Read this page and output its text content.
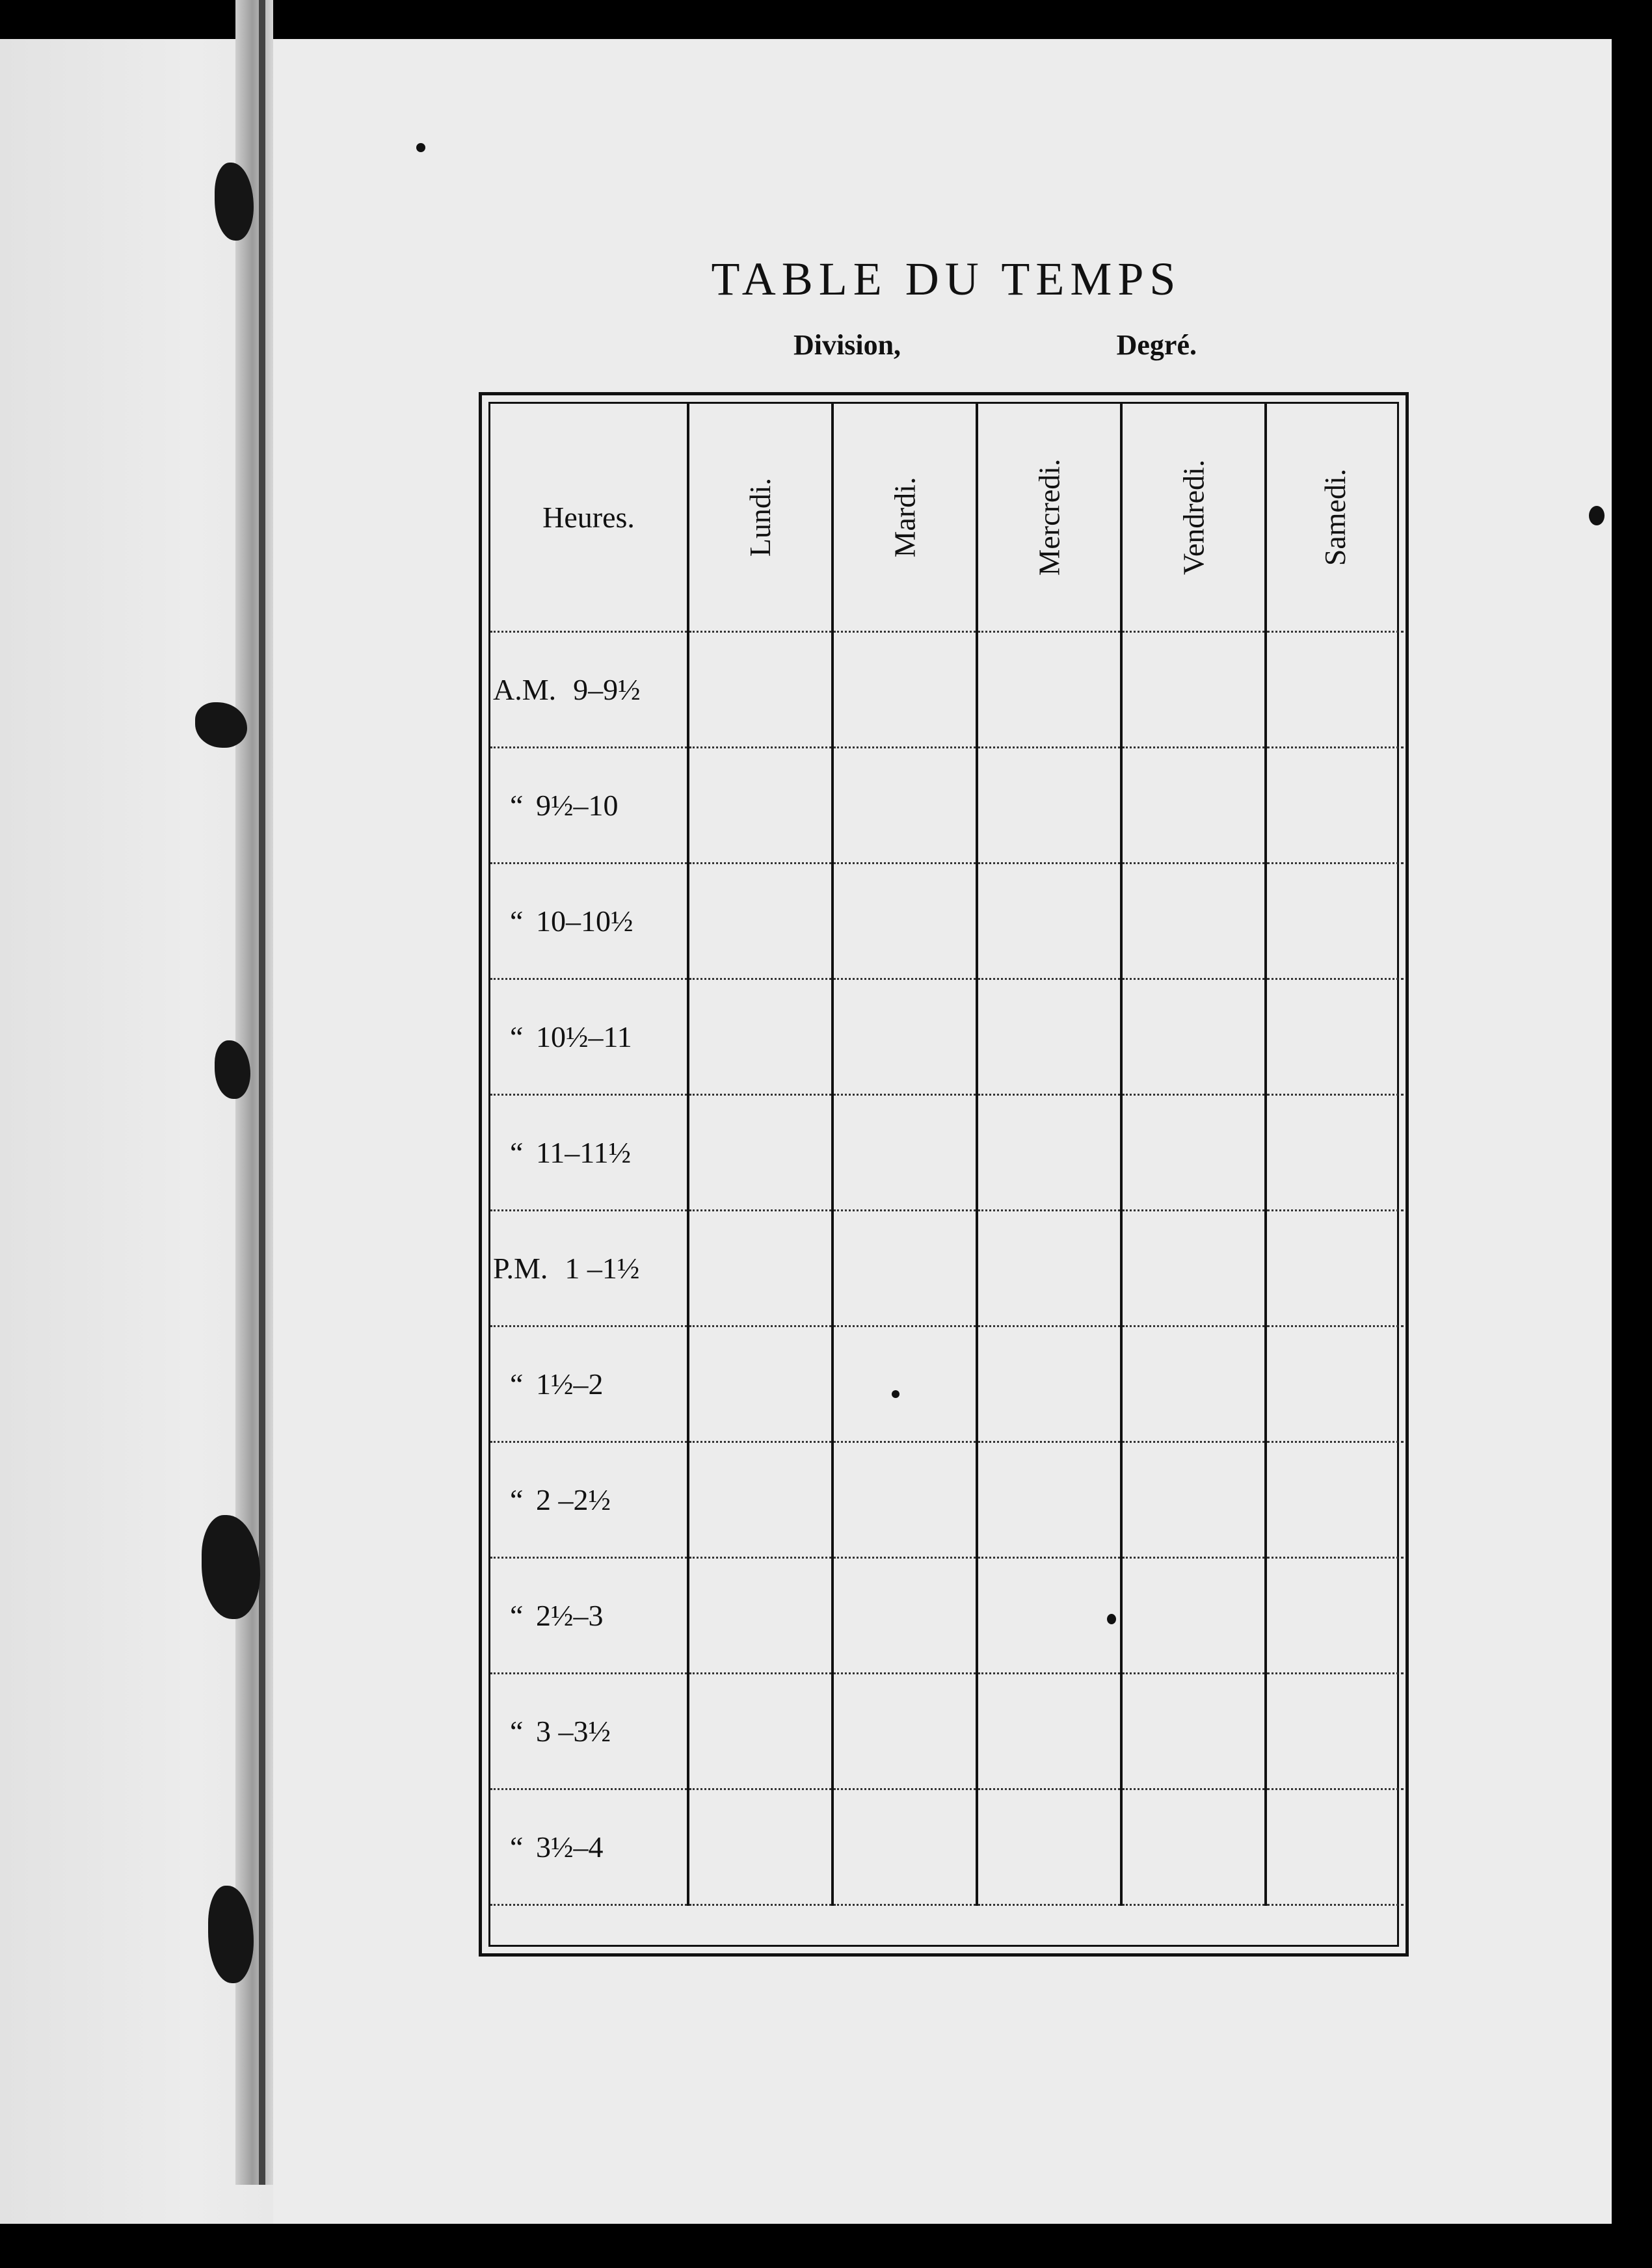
TABLE DU TEMPS
Division,	Degré.
Heures.	Lundi.	Mardi.	Mercredi.	Vendredi.	Samedi.
A.M. 9–9½					
“ 9½–10					
“ 10–10½					
“ 10½–11					
“ 11–11½					
P.M. 1 –1½					
“ 1½–2					
“ 2 –2½					
“ 2½–3					
“ 3 –3½					
“ 3½–4					
